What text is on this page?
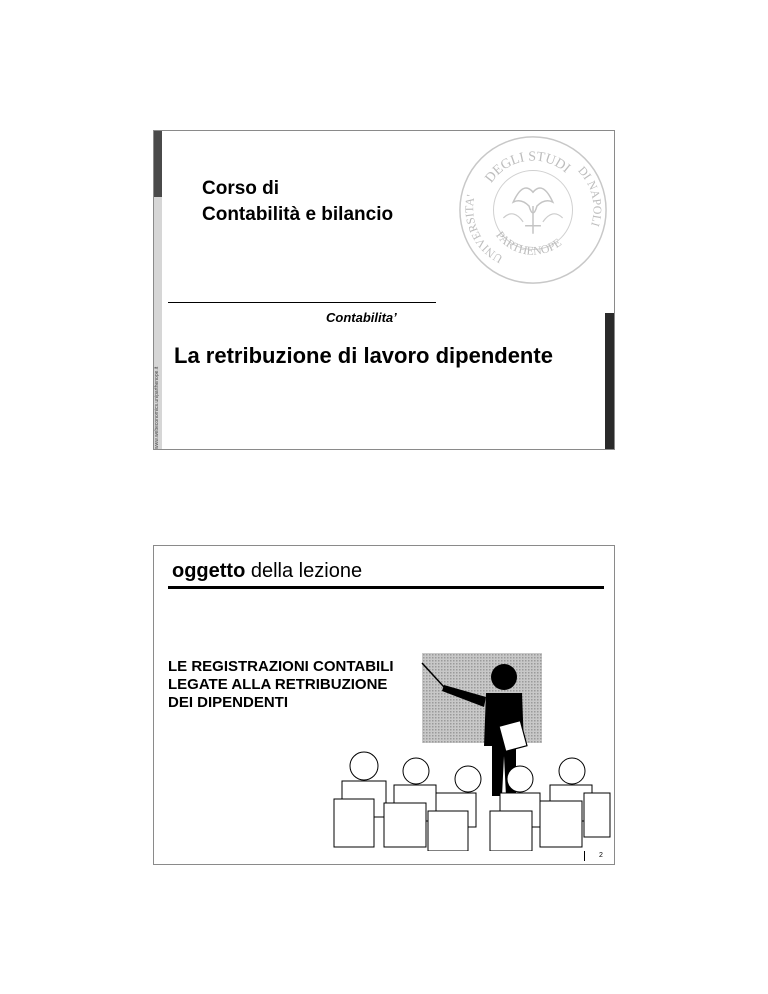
www.webeconomics.uniparthenope.it
DEGLI STUDI
UNIVERSITA'
DI NAPOLI
PARTHENOPE
Corso di
Contabilità e bilancio
Contabilita’
La retribuzione di lavoro dipendente
oggetto della lezione
LE REGISTRAZIONI CONTABILI
LEGATE ALLA RETRIBUZIONE
DEI DIPENDENTI
2
